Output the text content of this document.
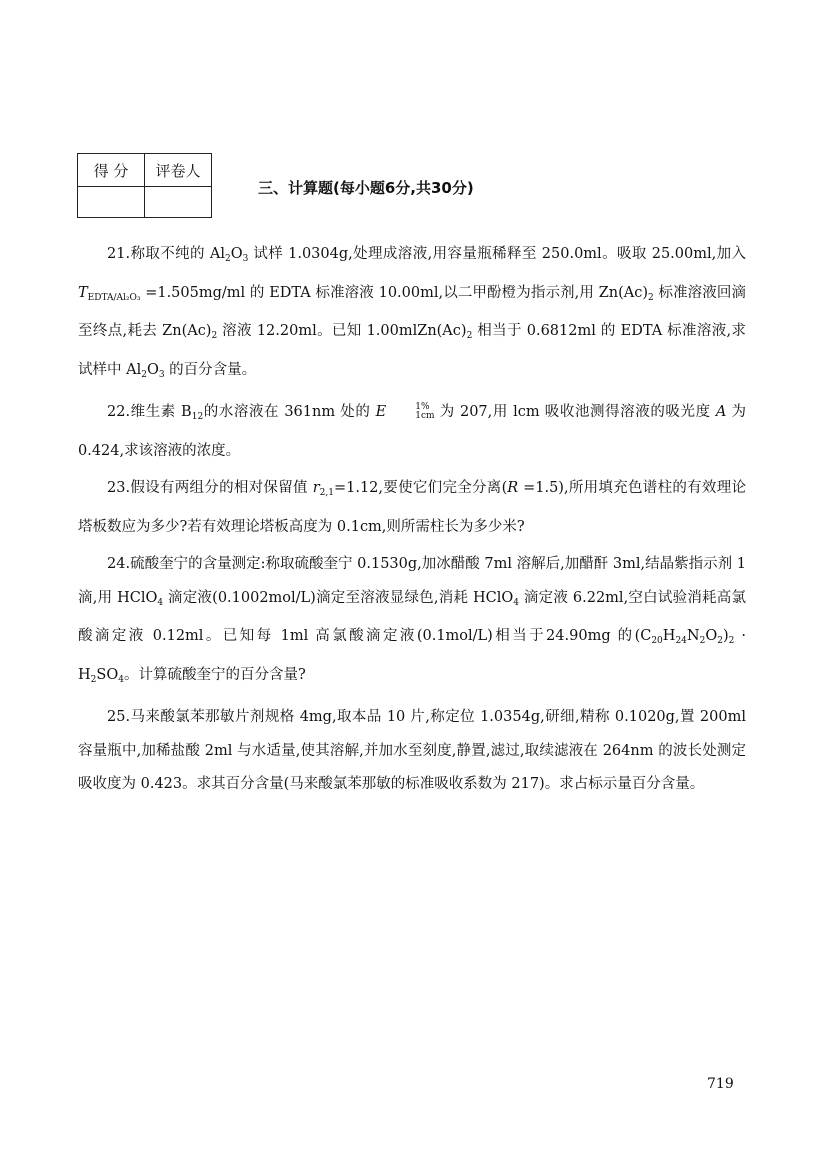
得 分	评卷人

三、计算题(每小题6分,共30分)

21.称取不纯的 $Al_2O_3$ 试样 1.0304g,处理成溶液,用容量瓶稀释至 250.0ml。吸取 25.00ml,加入 $T_{EDTA/Al_2O_3} =1.505mg/ml$ 的 EDTA 标准溶液 10.00ml,以二甲酚橙为指示剂,用 $Zn(Ac)_2$ 标准溶液回滴至终点,耗去 $Zn(Ac)_2$ 溶液 12.20ml。已知 $1.00mlZn(Ac)_2$ 相当于 0.6812ml 的 EDTA 标准溶液,求试样中 $Al_2O_3$ 的百分含量。

22.维生素 $B_{12}$的水溶液在 361nm 处的 E	1%
1cm 为 207,用 lcm 吸收池测得溶液的吸光度 A 为 0.424,求该溶液的浓度。

23.假设有两组分的相对保留值 $r_{2,1}=1.12$,要使它们完全分离(R =1.5),所用填充色谱柱的有效理论塔板数应为多少?若有效理论塔板高度为 0.1cm,则所需柱长为多少米?

24.硫酸奎宁的含量测定:称取硫酸奎宁 0.1530g,加冰醋酸 7ml 溶解后,加醋酐 3ml,结晶紫指示剂 1 滴,用 HClO$_4$ 滴定液(0.1002mol/L)滴定至溶液显绿色,消耗 HClO$_4$ 滴定液 6.22ml,空白试验消耗高氯酸滴定液 0.12ml。已知每 1ml 高氯酸滴定液(0.1mol/L)相当于24.90mg 的$(C_{20}H_{24}N_2O_2)_2 \cdot H_2SO_4$。计算硫酸奎宁的百分含量?

25.马来酸氯苯那敏片剂规格 4mg,取本品 10 片,称定位 1.0354g,研细,精称 0.1020g,置 200ml 容量瓶中,加稀盐酸 2ml 与水适量,使其溶解,并加水至刻度,静置,滤过,取续滤液在 264nm 的波长处测定吸收度为 0.423。求其百分含量(马来酸氯苯那敏的标准吸收系数为 217)。求占标示量百分含量。

719
